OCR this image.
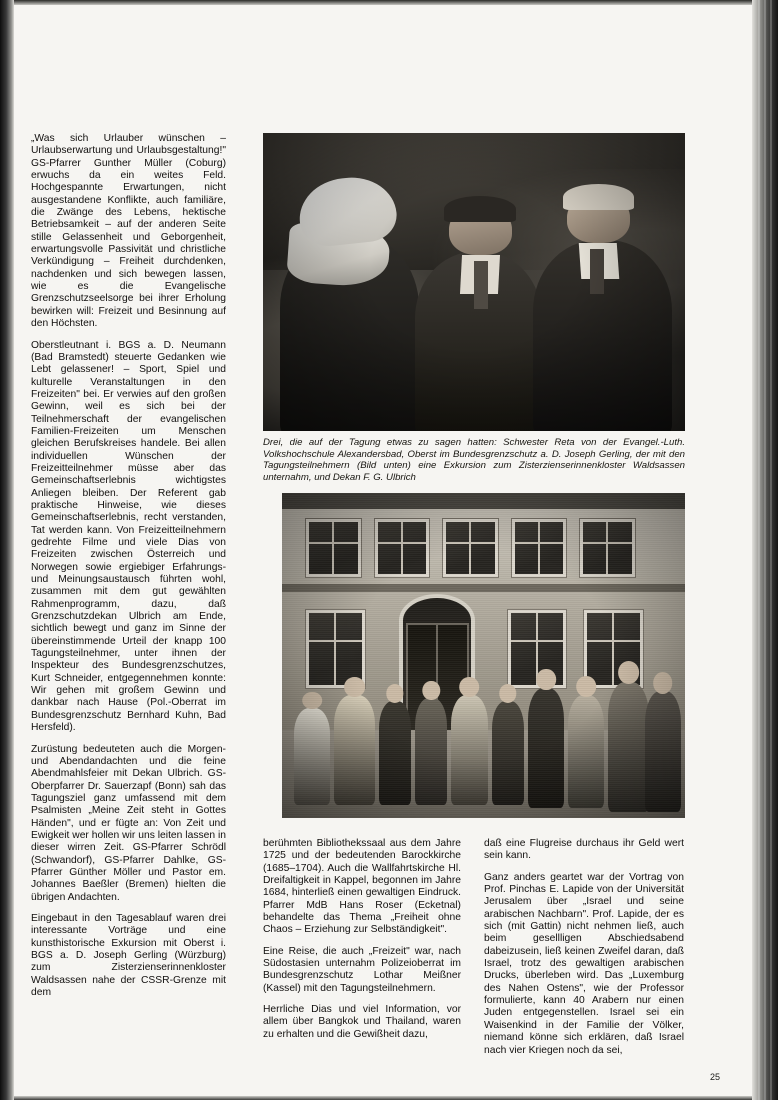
„Was sich Urlauber wünschen – Urlaubserwartung und Urlaubsgestaltung!" GS-Pfarrer Gunther Müller (Coburg) erwuchs da ein weites Feld. Hochgespannte Erwartungen, nicht ausgestandene Konflikte, auch familiäre, die Zwänge des Lebens, hektische Betriebsamkeit – auf der anderen Seite stille Gelassenheit und Geborgenheit, erwartungsvolle Passivität und christliche Verkündigung – Freiheit durchdenken, nachdenken und sich bewegen lassen, wie es die Evangelische Grenzschutzseelsorge bei ihrer Erholung bewirken will: Freizeit und Besinnung auf den Höchsten.

Oberstleutnant i. BGS a. D. Neumann (Bad Bramstedt) steuerte Gedanken wie Lebt gelassener! – Sport, Spiel und kulturelle Veranstaltungen in den Freizeiten" bei. Er verwies auf den großen Gewinn, weil es sich bei der Teilnehmerschaft der evangelischen Familien-Freizeiten um Menschen gleichen Berufskreises handele. Bei allen individuellen Wünschen der Freizeitteilnehmer müsse aber das Gemeinschaftserlebnis wichtigstes Anliegen bleiben. Der Referent gab praktische Hinweise, wie dieses Gemeinschaftserlebnis, recht verstanden, Tat werden kann. Von Freizeitteilnehmern gedrehte Filme und viele Dias von Freizeiten zwischen Österreich und Norwegen sowie ergiebiger Erfahrungs- und Meinungsaustausch führten wohl, zusammen mit dem gut gewählten Rahmenprogramm, dazu, daß Grenzschutzdekan Ulbrich am Ende, sichtlich bewegt und ganz im Sinne der übereinstimmende Urteil der knapp 100 Tagungsteilnehmer, unter ihnen der Inspekteur des Bundesgrenzschutzes, Kurt Schneider, entgegennehmen konnte: Wir gehen mit großem Gewinn und dankbar nach Hause (Pol.-Oberrat im Bundesgrenzschutz Bernhard Kuhn, Bad Hersfeld).

Zurüstung bedeuteten auch die Morgen- und Abendandachten und die feine Abendmahlsfeier mit Dekan Ulbrich. GS-Oberpfarrer Dr. Sauerzapf (Bonn) sah das Tagungsziel ganz umfassend mit dem Psalmisten „Meine Zeit steht in Gottes Händen", und er fügte an: Von Zeit und Ewigkeit wer hollen wir uns leiten lassen in dieser wirren Zeit. GS-Pfarrer Schrödl (Schwandorf), GS-Pfarrer Dahlke, GS-Pfarrer Günther Möller und Pastor em. Johannes Baeßler (Bremen) hielten die übrigen Andachten.

Eingebaut in den Tagesablauf waren drei interessante Vorträge und eine kunsthistorische Exkursion mit Oberst i. BGS a. D. Joseph Gerling (Würzburg) zum Zisterzienserinnenkloster Waldsassen nahe der CSSR-Grenze mit dem

Drei, die auf der Tagung etwas zu sagen hatten: Schwester Reta von der Evangel.-Luth. Volkshochschule Alexandersbad, Oberst im Bundesgrenzschutz a. D. Joseph Gerling, der mit den Tagungsteilnehmern (Bild unten) eine Exkursion zum Zisterzienserinnenkloster Waldsassen unternahm, und Dekan F. G. Ulbrich

berühmten Bibliothekssaal aus dem Jahre 1725 und der bedeutenden Barockkirche (1685–1704). Auch die Wallfahrtskirche Hl. Dreifaltigkeit in Kappel, begonnen im Jahre 1684, hinterließ einen gewaltigen Eindruck. Pfarrer MdB Hans Roser (Ecketnal) behandelte das Thema „Freiheit ohne Chaos – Erziehung zur Selbständigkeit".

Eine Reise, die auch „Freizeit" war, nach Südostasien unternahm Polizeioberrat im Bundesgrenzschutz Lothar Meißner (Kassel) mit den Tagungsteilnehmern.

Herrliche Dias und viel Information, vor allem über Bangkok und Thailand, waren zu erhalten und die Gewißheit dazu,

daß eine Flugreise durchaus ihr Geld wert sein kann.

Ganz anders geartet war der Vortrag von Prof. Pinchas E. Lapide von der Universität Jerusalem über „Israel und seine arabischen Nachbarn". Prof. Lapide, der es sich (mit Gattin) nicht nehmen ließ, auch beim gesellligen Abschiedsabend dabeizusein, ließ keinen Zweifel daran, daß Israel, trotz des gewaltigen arabischen Drucks, überleben wird. Das „Luxemburg des Nahen Ostens", wie der Professor formulierte, kann 40 Arabern nur einen Juden entgegenstellen. Israel sei ein Waisenkind in der Familie der Völker, niemand könne sich erklären, daß Israel nach vier Kriegen noch da sei,

25
